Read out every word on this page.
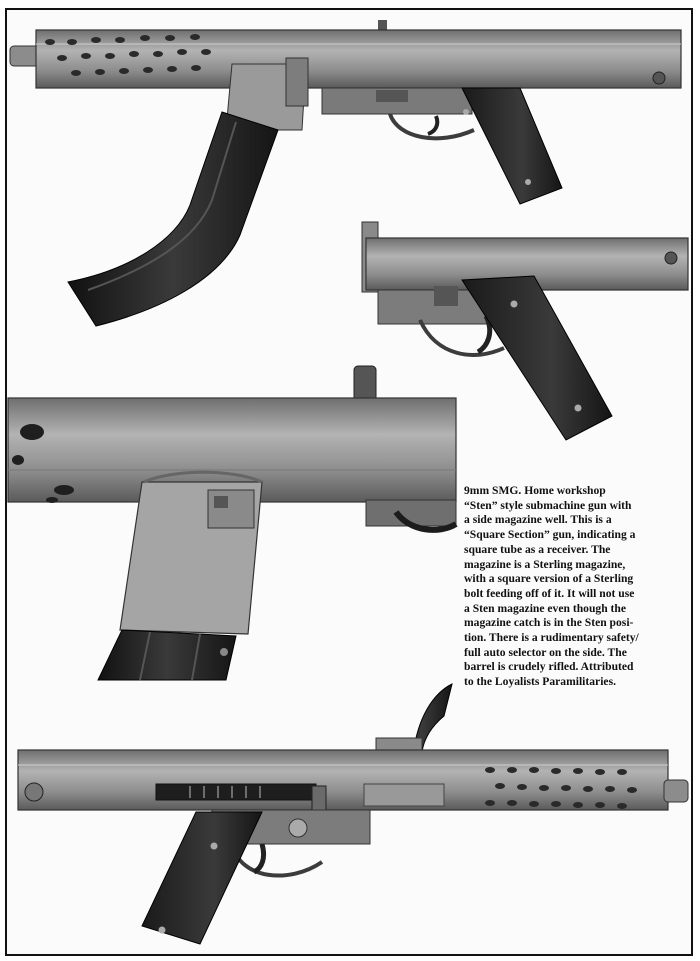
9mm SMG. Home workshop
“Sten” style submachine gun with
a side magazine well. This is a
“Square Section” gun, indicating a
square tube as a receiver. The
magazine is a Sterling magazine,
with a square version of a Sterling
bolt feeding off of it. It will not use
a Sten magazine even though the
magazine catch is in the Sten posi-
tion. There is a rudimentary safety/
full auto selector on the side. The
barrel is crudely rifled. Attributed
to the Loyalists Paramilitaries.
